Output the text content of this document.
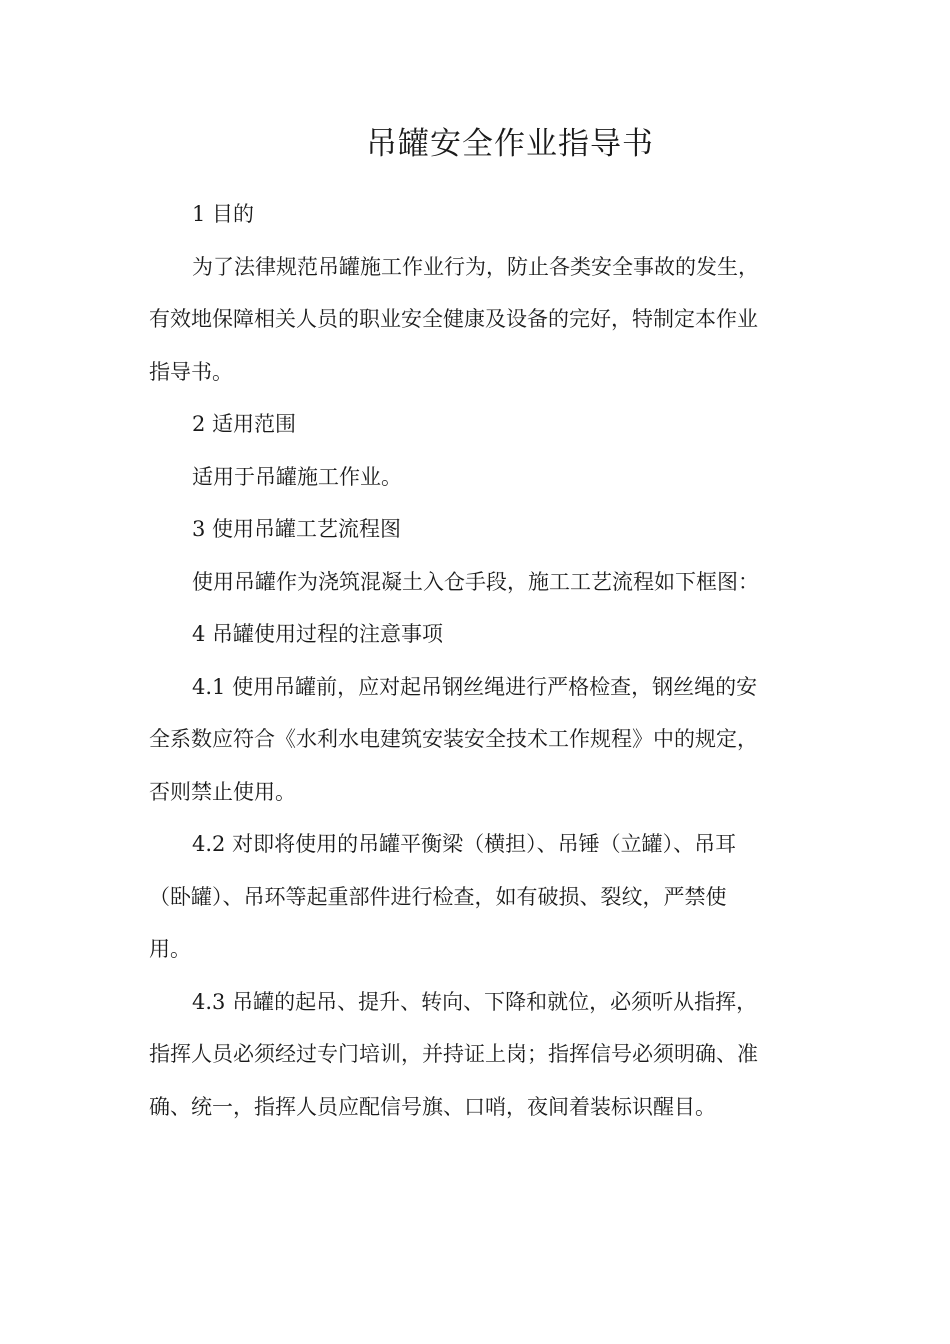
吊罐安全作业指导书
1 目的
为了法律规范吊罐施工作业行为，防止各类安全事故的发生，
有效地保障相关人员的职业安全健康及设备的完好，特制定本作业
指导书。
2 适用范围
适用于吊罐施工作业。
3 使用吊罐工艺流程图
使用吊罐作为浇筑混凝土入仓手段，施工工艺流程如下框图：
4 吊罐使用过程的注意事项
4.1 使用吊罐前，应对起吊钢丝绳进行严格检查，钢丝绳的安
全系数应符合《水利水电建筑安装安全技术工作规程》中的规定，
否则禁止使用。
4.2 对即将使用的吊罐平衡梁（横担）、吊锤（立罐）、吊耳
（卧罐）、吊环等起重部件进行检查，如有破损、裂纹，严禁使
用。
4.3 吊罐的起吊、提升、转向、下降和就位，必须听从指挥，
指挥人员必须经过专门培训，并持证上岗；指挥信号必须明确、准
确、统一，指挥人员应配信号旗、口哨，夜间着装标识醒目。
